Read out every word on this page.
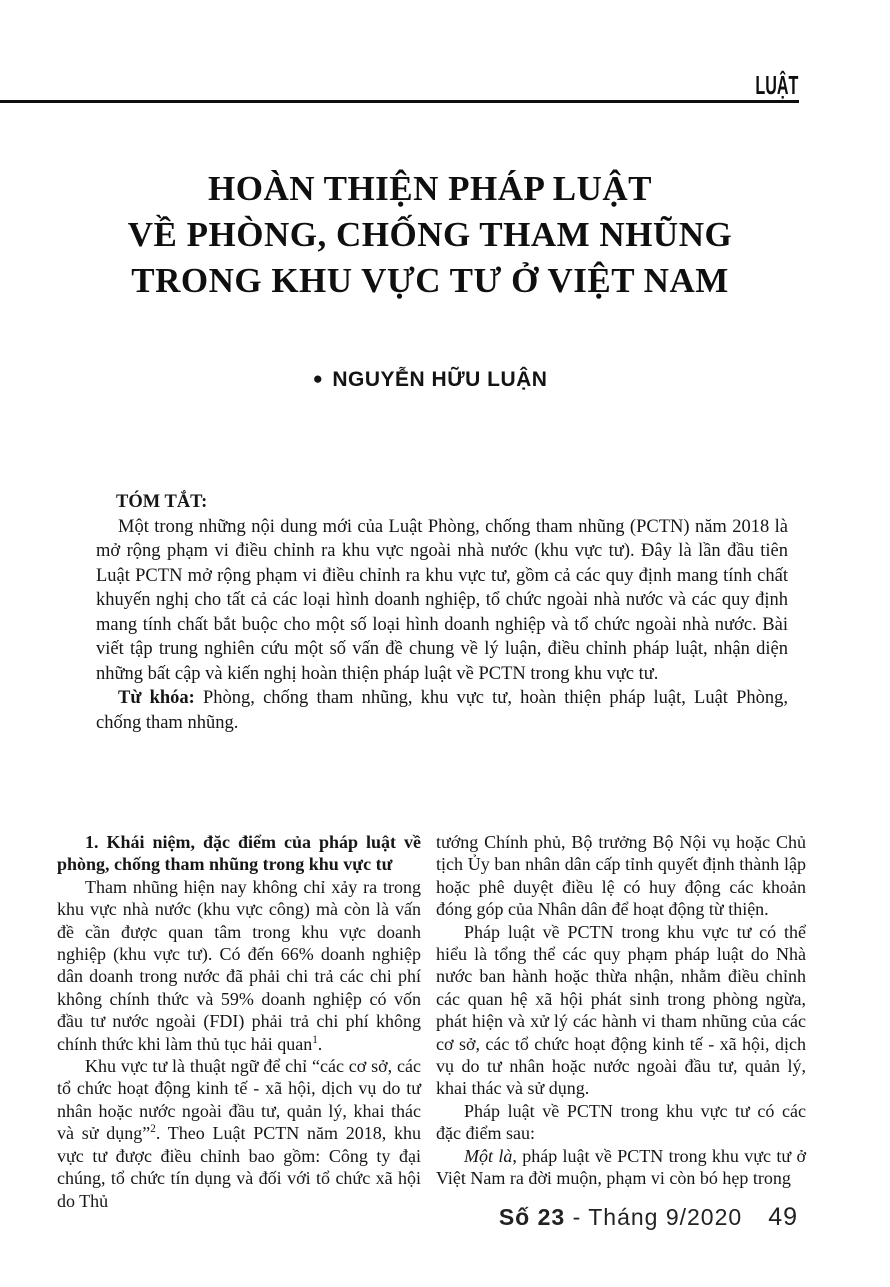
LUẬT
HOÀN THIỆN PHÁP LUẬT
VỀ PHÒNG, CHỐNG THAM NHŨNG
TRONG KHU VỰC TƯ Ở VIỆT NAM
● NGUYỄN HỮU LUẬN
TÓM TẮT:

Một trong những nội dung mới của Luật Phòng, chống tham nhũng (PCTN) năm 2018 là mở rộng phạm vi điều chỉnh ra khu vực ngoài nhà nước (khu vực tư). Đây là lần đầu tiên Luật PCTN mở rộng phạm vi điều chỉnh ra khu vực tư, gồm cả các quy định mang tính chất khuyến nghị cho tất cả các loại hình doanh nghiệp, tổ chức ngoài nhà nước và các quy định mang tính chất bắt buộc cho một số loại hình doanh nghiệp và tổ chức ngoài nhà nước. Bài viết tập trung nghiên cứu một số vấn đề chung về lý luận, điều chỉnh pháp luật, nhận diện những bất cập và kiến nghị hoàn thiện pháp luật về PCTN trong khu vực tư.

Từ khóa: Phòng, chống tham nhũng, khu vực tư, hoàn thiện pháp luật, Luật Phòng, chống tham nhũng.

1. Khái niệm, đặc điểm của pháp luật về phòng, chống tham nhũng trong khu vực tư

Tham nhũng hiện nay không chỉ xảy ra trong khu vực nhà nước (khu vực công) mà còn là vấn đề cần được quan tâm trong khu vực doanh nghiệp (khu vực tư). Có đến 66% doanh nghiệp dân doanh trong nước đã phải chi trả các chi phí không chính thức và 59% doanh nghiệp có vốn đầu tư nước ngoài (FDI) phải trả chi phí không chính thức khi làm thủ tục hải quan$^1$.

Khu vực tư là thuật ngữ để chỉ “các cơ sở, các tổ chức hoạt động kinh tế - xã hội, dịch vụ do tư nhân hoặc nước ngoài đầu tư, quản lý, khai thác và sử dụng”$^2$. Theo Luật PCTN năm 2018, khu vực tư được điều chỉnh bao gồm: Công ty đại chúng, tổ chức tín dụng và đối với tổ chức xã hội do Thủ

tướng Chính phủ, Bộ trưởng Bộ Nội vụ hoặc Chủ tịch Ủy ban nhân dân cấp tỉnh quyết định thành lập hoặc phê duyệt điều lệ có huy động các khoản đóng góp của Nhân dân để hoạt động từ thiện.

Pháp luật về PCTN trong khu vực tư có thể hiểu là tổng thể các quy phạm pháp luật do Nhà nước ban hành hoặc thừa nhận, nhằm điều chỉnh các quan hệ xã hội phát sinh trong phòng ngừa, phát hiện và xử lý các hành vi tham nhũng của các cơ sở, các tổ chức hoạt động kinh tế - xã hội, dịch vụ do tư nhân hoặc nước ngoài đầu tư, quản lý, khai thác và sử dụng.

Pháp luật về PCTN trong khu vực tư có các đặc điểm sau:

Một là, pháp luật về PCTN trong khu vực tư ở Việt Nam ra đời muộn, phạm vi còn bó hẹp trong

Số 23 - Tháng 9/2020 49
